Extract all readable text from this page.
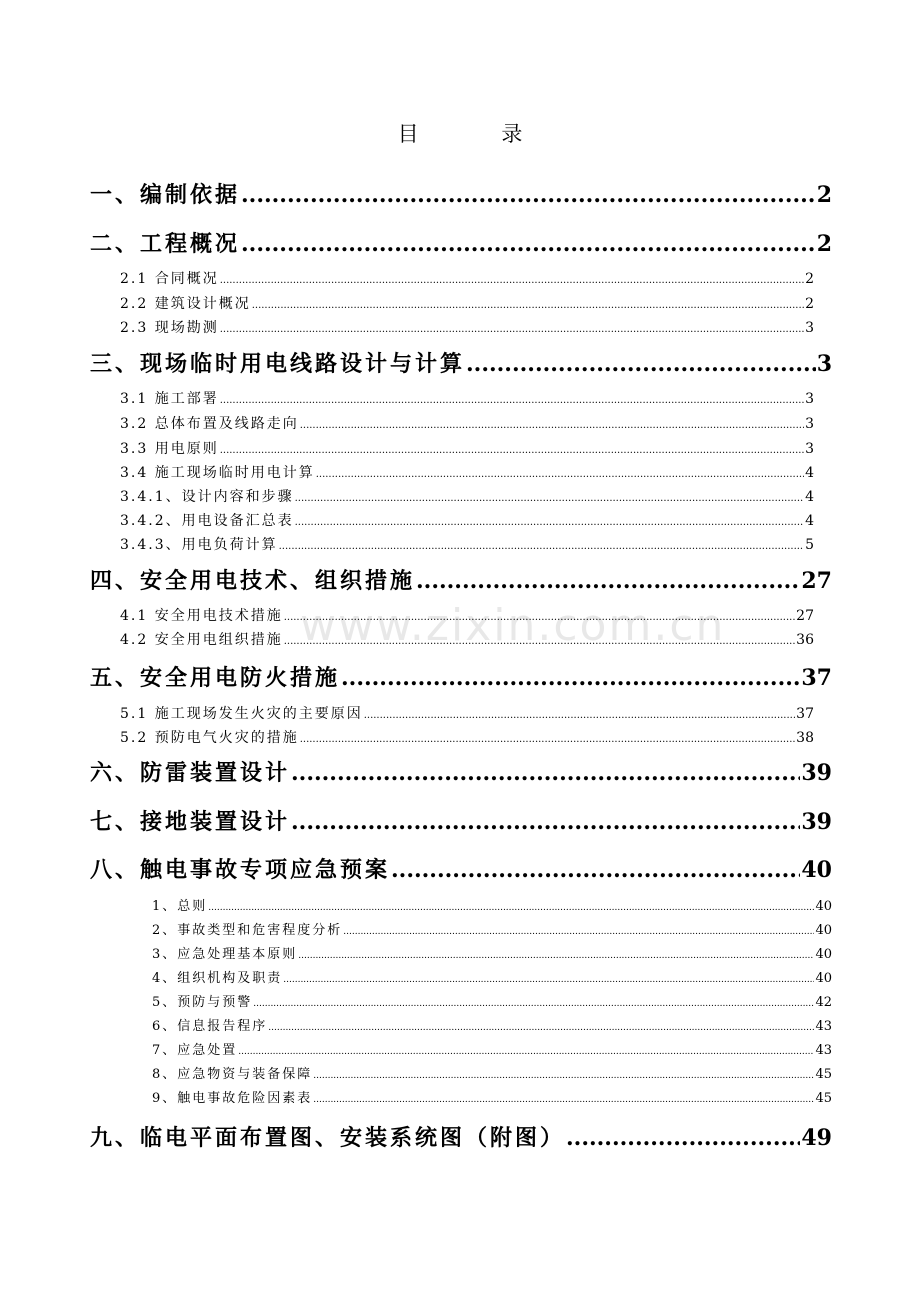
目 录
www.zixin.com.cn
一、编制依据 .....	2
二、工程概况 .....	2
2.1 合同概况 .....	2
2.2 建筑设计概况 .....	2
2.3 现场勘测 .....	3
三、现场临时用电线路设计与计算 .....	3
3.1 施工部署 .....	3
3.2 总体布置及线路走向 .....	3
3.3 用电原则 .....	3
3.4 施工现场临时用电计算 .....	4
3.4.1、设计内容和步骤 .....	4
3.4.2、用电设备汇总表 .....	4
3.4.3、用电负荷计算 .....	5
四、安全用电技术、组织措施 .....	27
4.1 安全用电技术措施 .....	27
4.2 安全用电组织措施 .....	36
五、安全用电防火措施 .....	37
5.1 施工现场发生火灾的主要原因 .....	37
5.2 预防电气火灾的措施 .....	38
六、防雷装置设计 .....	39
七、接地装置设计 .....	39
八、触电事故专项应急预案 .....	40
1、总则 .....	40
2、事故类型和危害程度分析 .....	40
3、应急处理基本原则 .....	40
4、组织机构及职责 .....	40
5、预防与预警 .....	42
6、信息报告程序 .....	43
7、应急处置 .....	43
8、应急物资与装备保障 .....	45
9、触电事故危险因素表 .....	45
九、临电平面布置图、安装系统图（附图） .....	49
